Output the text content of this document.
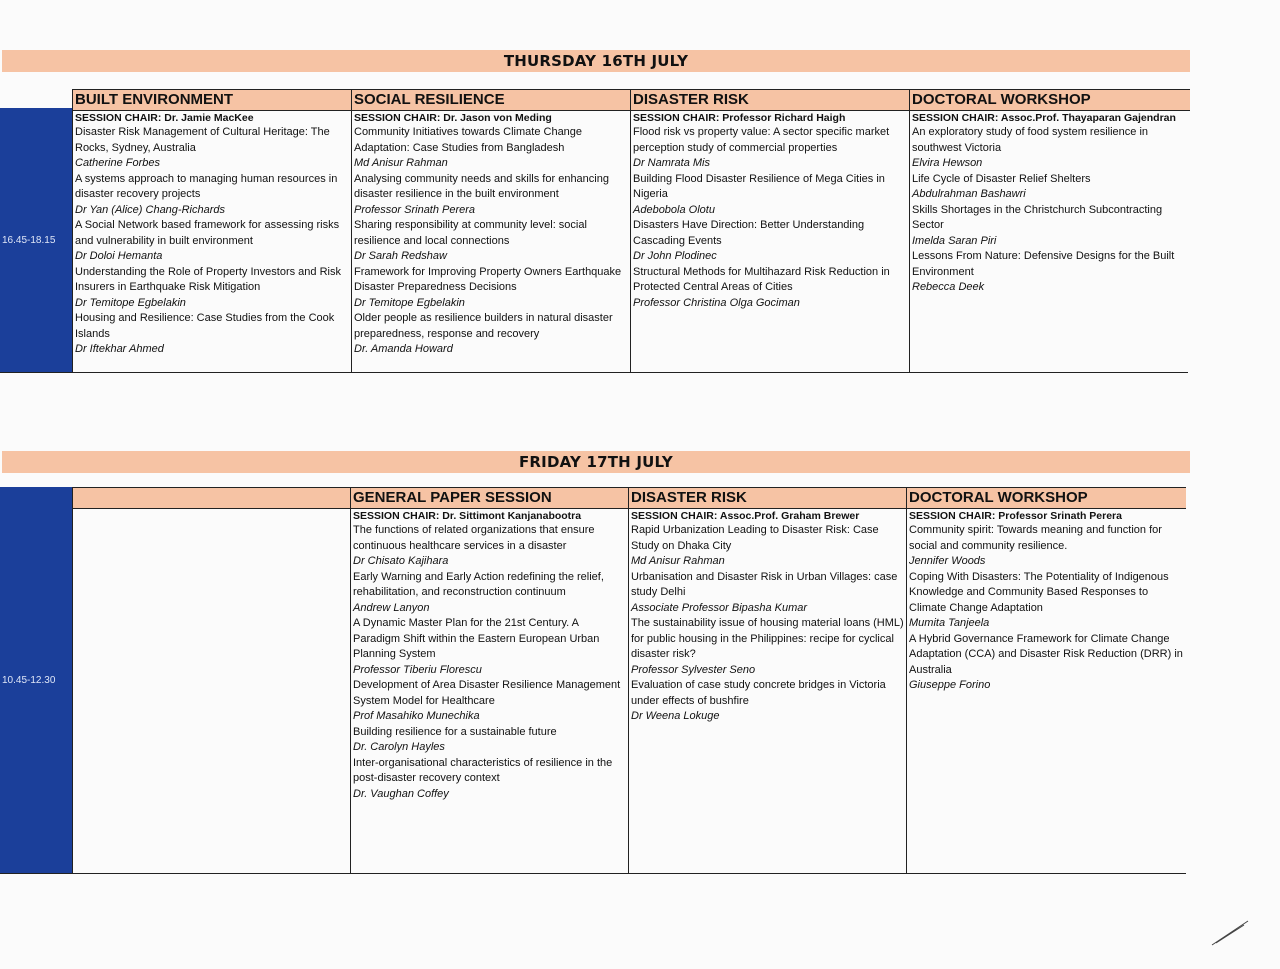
THURSDAY 16TH JULY
16.45-18.15
BUILT ENVIRONMENT
SESSION CHAIR: Dr. Jamie MacKee
Disaster Risk Management of Cultural Heritage: The Rocks, Sydney, Australia
Catherine Forbes
A systems approach to managing human resources in disaster recovery projects
Dr Yan (Alice) Chang-Richards
A Social Network based framework for assessing risks and vulnerability in built environment
Dr Doloi Hemanta
Understanding the Role of Property Investors and Risk Insurers in Earthquake Risk Mitigation
Dr Temitope Egbelakin
Housing and Resilience: Case Studies from the Cook Islands
Dr Iftekhar Ahmed
SOCIAL RESILIENCE
SESSION CHAIR: Dr. Jason von Meding
Community Initiatives towards Climate Change Adaptation: Case Studies from Bangladesh
Md Anisur Rahman
Analysing community needs and skills for enhancing disaster resilience in the built environment
Professor Srinath Perera
Sharing responsibility at community level: social resilience and local connections
Dr Sarah Redshaw
Framework for Improving Property Owners Earthquake Disaster Preparedness Decisions
Dr Temitope Egbelakin
Older people as resilience builders in natural disaster preparedness, response and recovery
Dr. Amanda Howard
DISASTER RISK
SESSION CHAIR: Professor Richard Haigh
Flood risk vs property value: A sector specific market perception study of commercial properties
Dr Namrata Mis
Building Flood Disaster Resilience of Mega Cities in Nigeria
Adebobola Olotu
Disasters Have Direction: Better Understanding Cascading Events
Dr John Plodinec
Structural Methods for Multihazard Risk Reduction in Protected Central Areas of Cities
Professor Christina Olga Gociman
DOCTORAL WORKSHOP
SESSION CHAIR: Assoc.Prof. Thayaparan Gajendran
An exploratory study of food system resilience in southwest Victoria
Elvira Hewson
Life Cycle of Disaster Relief Shelters
Abdulrahman Bashawri
Skills Shortages in the Christchurch Subcontracting Sector
Imelda Saran Piri
Lessons From Nature: Defensive Designs for the Built Environment
Rebecca Deek
FRIDAY 17TH JULY
10.45-12.30
GENERAL PAPER SESSION
SESSION CHAIR: Dr. Sittimont Kanjanabootra
The functions of related organizations that ensure continuous healthcare services in a disaster
Dr Chisato Kajihara
Early Warning and Early Action redefining the relief, rehabilitation, and reconstruction continuum
Andrew Lanyon
A Dynamic Master Plan for the 21st Century. A Paradigm Shift within the Eastern European Urban Planning System
Professor Tiberiu Florescu
Development of Area Disaster Resilience Management System Model for Healthcare
Prof Masahiko Munechika
Building resilience for a sustainable future
Dr. Carolyn Hayles
Inter-organisational characteristics of resilience in the post-disaster recovery context
Dr. Vaughan Coffey
DISASTER RISK
SESSION CHAIR: Assoc.Prof. Graham Brewer
Rapid Urbanization Leading to Disaster Risk: Case Study on Dhaka City
Md Anisur Rahman
Urbanisation and Disaster Risk in Urban Villages: case study Delhi
Associate Professor Bipasha Kumar
The sustainability issue of housing material loans (HML) for public housing in the Philippines: recipe for cyclical disaster risk?
Professor Sylvester Seno
Evaluation of case study concrete bridges in Victoria under effects of bushfire
Dr Weena Lokuge
DOCTORAL WORKSHOP
SESSION CHAIR: Professor Srinath Perera
Community spirit: Towards meaning and function for social and community resilience.
Jennifer Woods
Coping With Disasters: The Potentiality of Indigenous Knowledge and Community Based Responses to Climate Change Adaptation
Mumita Tanjeela
A Hybrid Governance Framework for Climate Change Adaptation (CCA) and Disaster Risk Reduction (DRR) in Australia
Giuseppe Forino
